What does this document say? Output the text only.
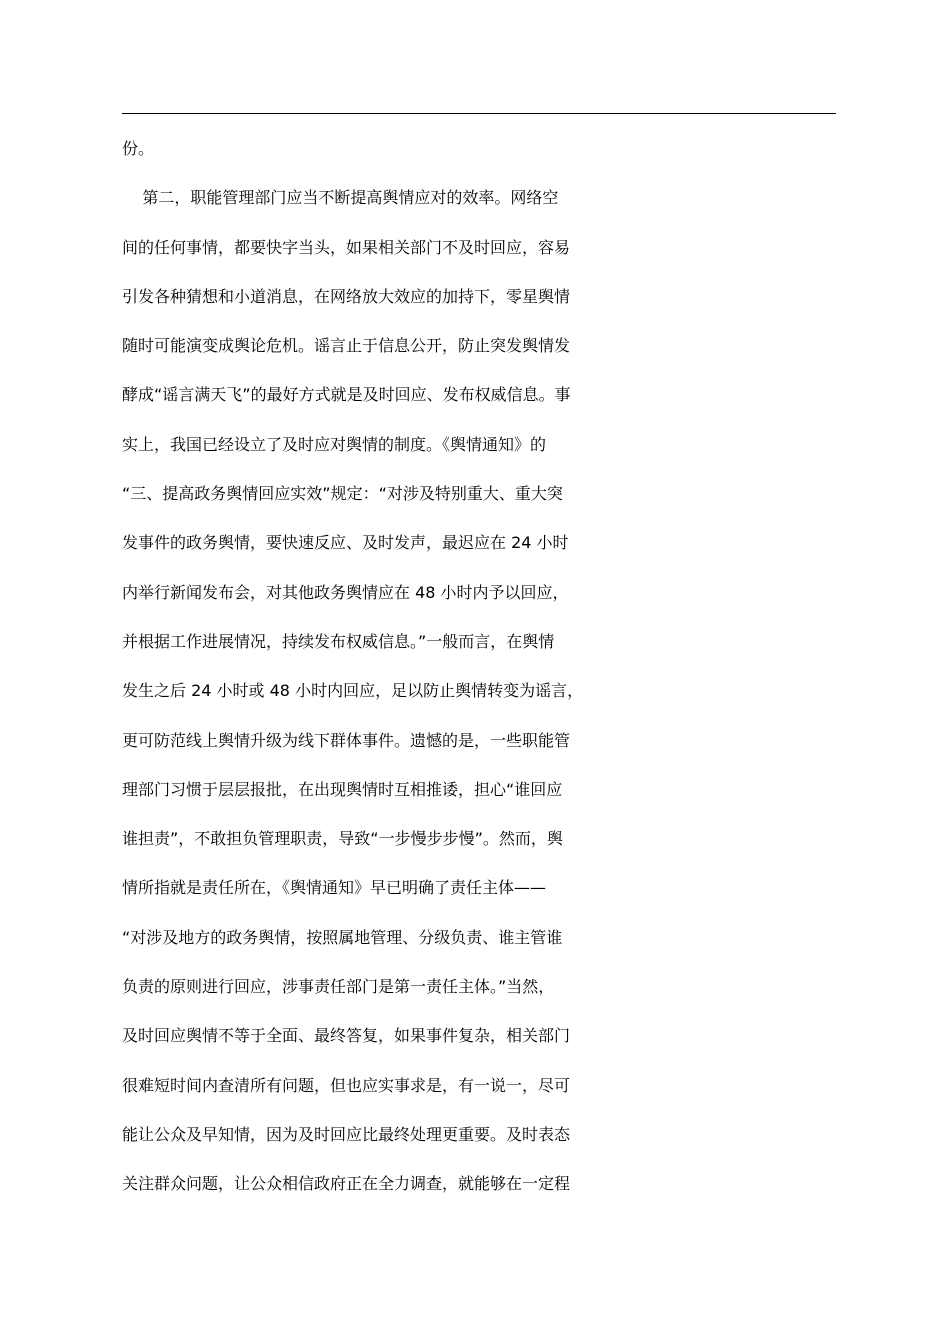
份。
第二，职能管理部门应当不断提高舆情应对的效率。网络空
间的任何事情，都要快字当头，如果相关部门不及时回应，容易
引发各种猜想和小道消息，在网络放大效应的加持下，零星舆情
随时可能演变成舆论危机。谣言止于信息公开，防止突发舆情发
酵成“谣言满天飞”的最好方式就是及时回应、发布权威信息。事
实上，我国已经设立了及时应对舆情的制度。《舆情通知》的
“三、提高政务舆情回应实效”规定：“对涉及特别重大、重大突
发事件的政务舆情，要快速反应、及时发声，最迟应在 24 小时
内举行新闻发布会，对其他政务舆情应在 48 小时内予以回应，
并根据工作进展情况，持续发布权威信息。”一般而言，在舆情
发生之后 24 小时或 48 小时内回应，足以防止舆情转变为谣言，
更可防范线上舆情升级为线下群体事件。遗憾的是，一些职能管
理部门习惯于层层报批，在出现舆情时互相推诿，担心“谁回应
谁担责”，不敢担负管理职责，导致“一步慢步步慢”。然而，舆
情所指就是责任所在，《舆情通知》早已明确了责任主体——
“对涉及地方的政务舆情，按照属地管理、分级负责、谁主管谁
负责的原则进行回应，涉事责任部门是第一责任主体。”当然，
及时回应舆情不等于全面、最终答复，如果事件复杂，相关部门
很难短时间内查清所有问题，但也应实事求是，有一说一，尽可
能让公众及早知情，因为及时回应比最终处理更重要。及时表态
关注群众问题，让公众相信政府正在全力调查，就能够在一定程
